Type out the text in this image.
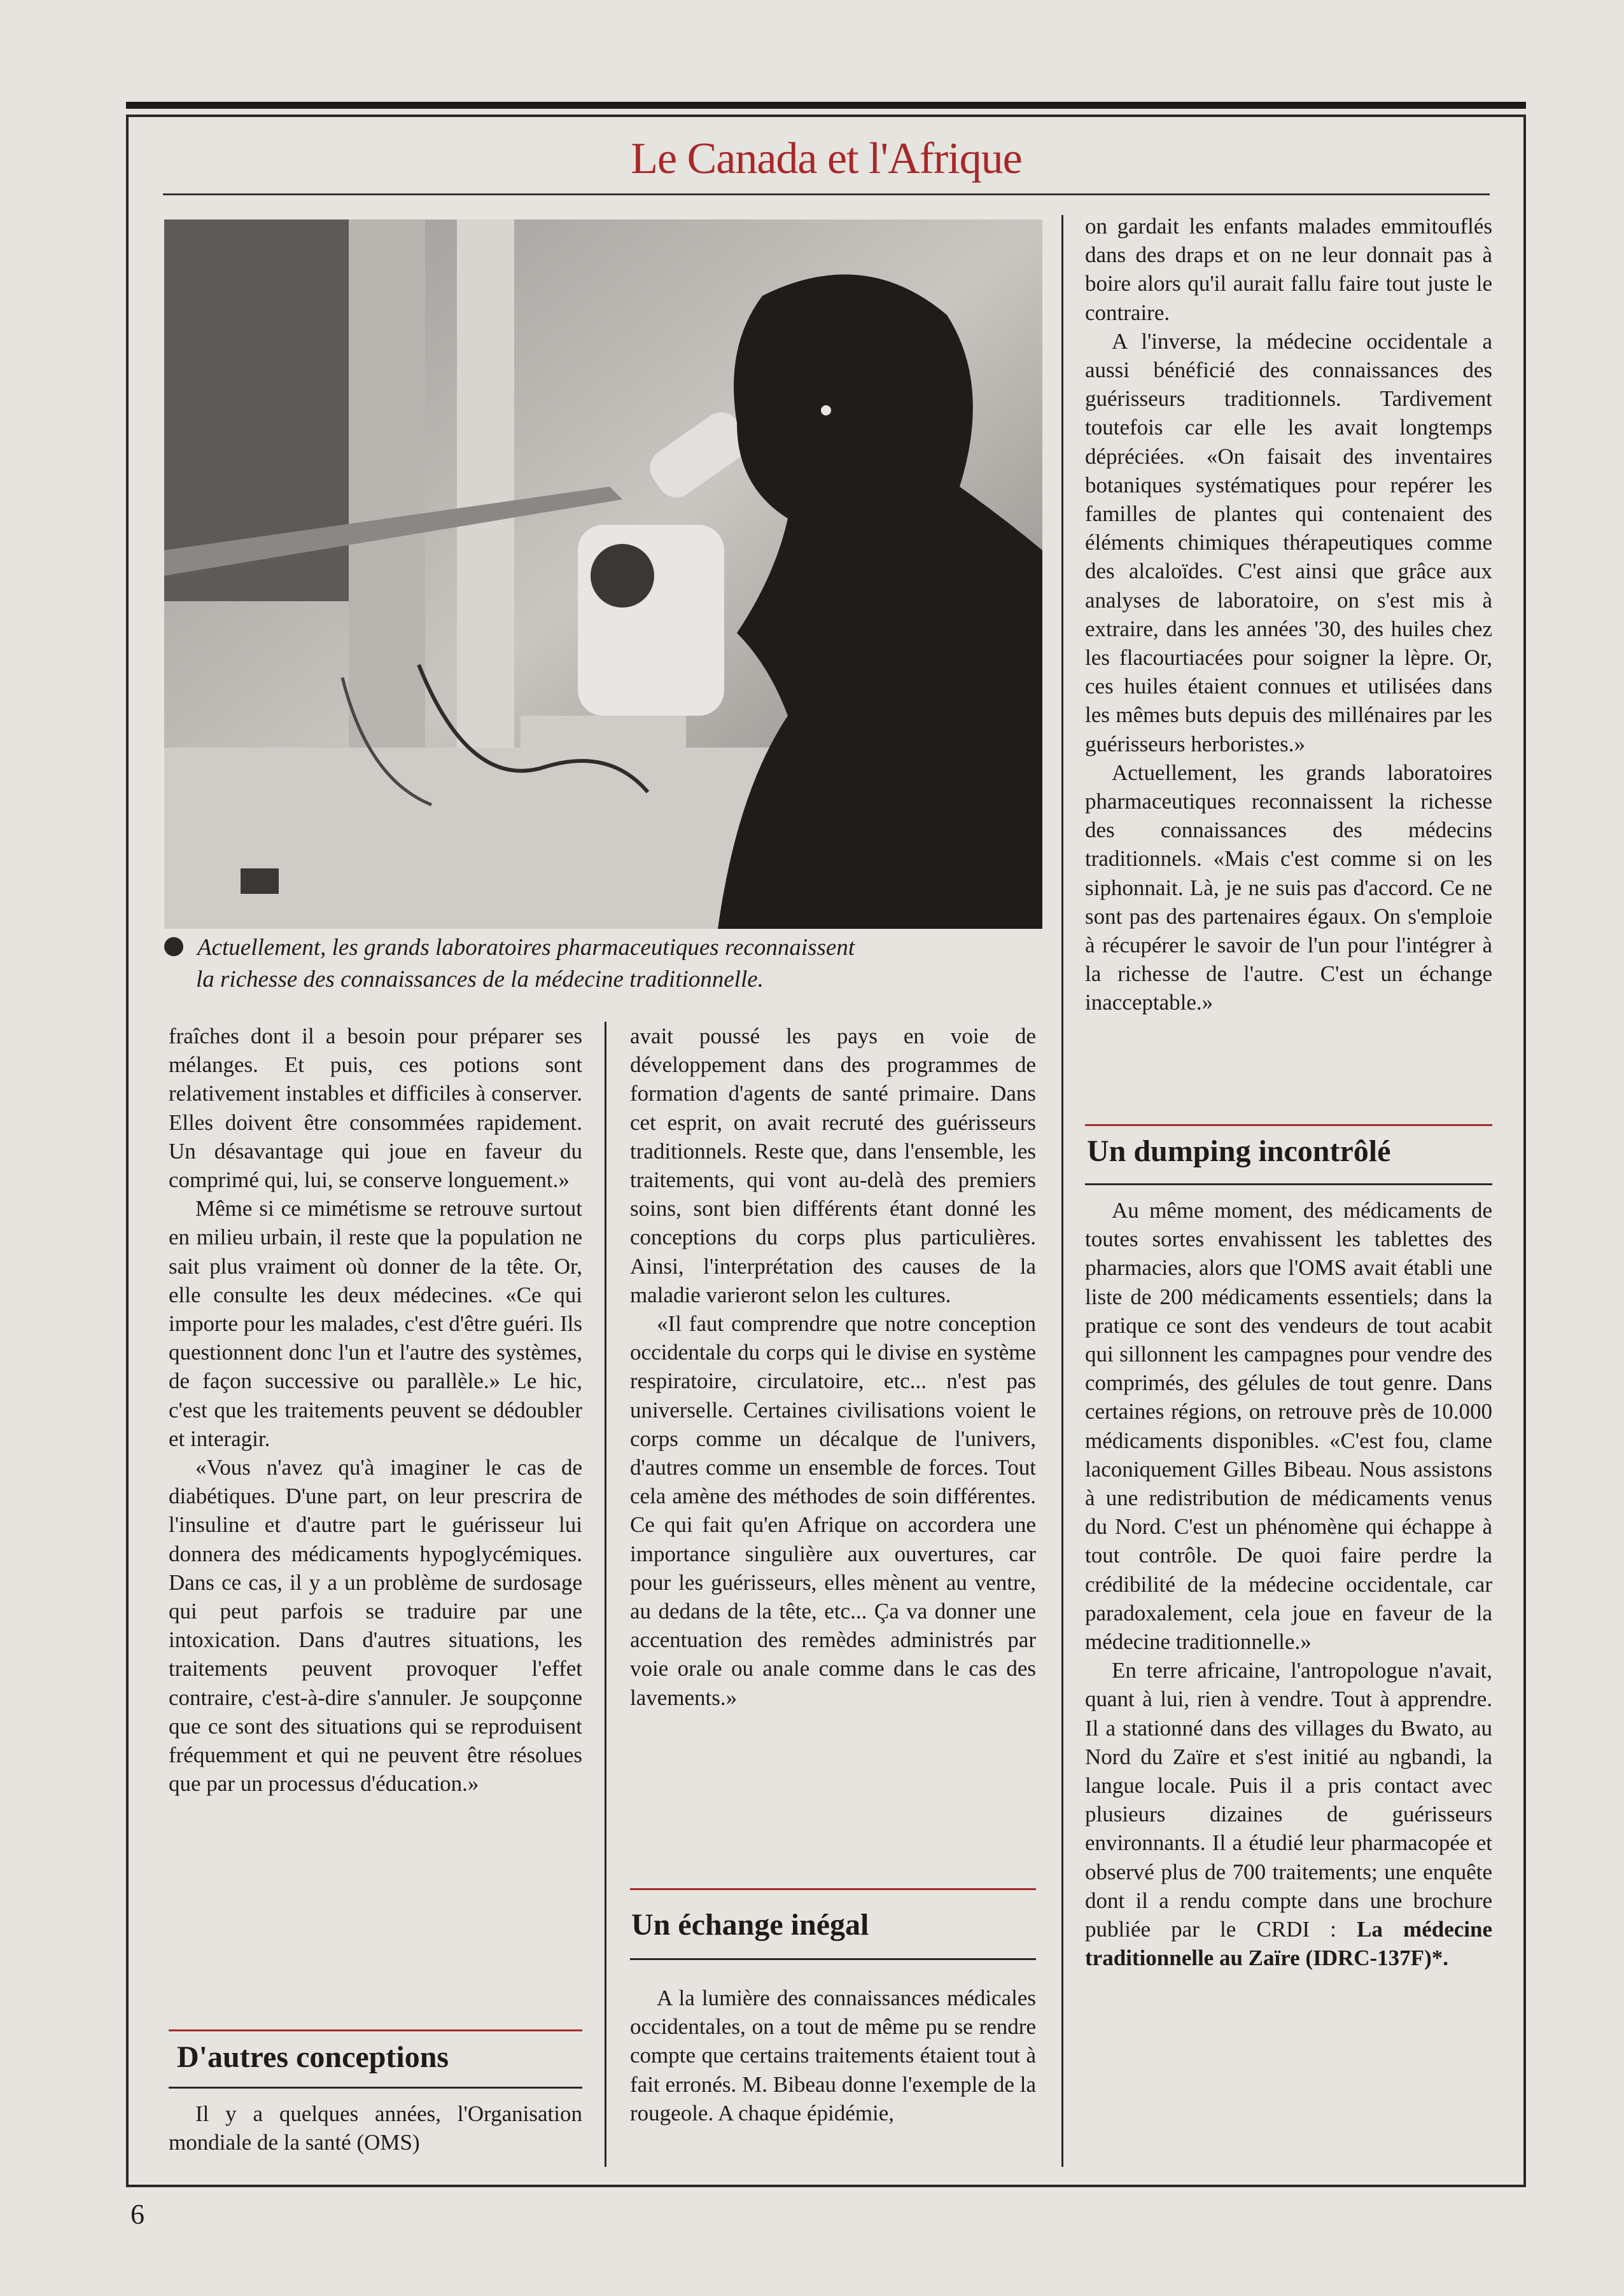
Le Canada et l'Afrique
Actuellement, les grands laboratoires pharmaceutiques reconnaissent
la richesse des connaissances de la médecine traditionnelle.

fraîches dont il a besoin pour préparer ses mélanges. Et puis, ces potions sont relativement instables et difficiles à conserver. Elles doivent être consommées rapidement. Un désavantage qui joue en faveur du comprimé qui, lui, se conserve longuement.»

Même si ce mimétisme se retrouve surtout en milieu urbain, il reste que la population ne sait plus vraiment où donner de la tête. Or, elle consulte les deux médecines. «Ce qui importe pour les malades, c'est d'être guéri. Ils questionnent donc l'un et l'autre des systèmes, de façon successive ou parallèle.» Le hic, c'est que les traitements peuvent se dédoubler et interagir.

«Vous n'avez qu'à imaginer le cas de diabétiques. D'une part, on leur prescrira de l'insuline et d'autre part le guérisseur lui donnera des médicaments hypoglycémiques. Dans ce cas, il y a un problème de surdosage qui peut parfois se traduire par une intoxication. Dans d'autres situations, les traitements peuvent provoquer l'effet contraire, c'est-à-dire s'annuler. Je soupçonne que ce sont des situations qui se reproduisent fréquemment et qui ne peuvent être résolues que par un processus d'éducation.»

D'autres conceptions

Il y a quelques années, l'Organisation mondiale de la santé (OMS)

avait poussé les pays en voie de développement dans des programmes de formation d'agents de santé primaire. Dans cet esprit, on avait recruté des guérisseurs traditionnels. Reste que, dans l'ensemble, les traitements, qui vont au-delà des premiers soins, sont bien différents étant donné les conceptions du corps plus particulières. Ainsi, l'interprétation des causes de la maladie varieront selon les cultures.

«Il faut comprendre que notre conception occidentale du corps qui le divise en système respiratoire, circulatoire, etc... n'est pas universelle. Certaines civilisations voient le corps comme un décalque de l'univers, d'autres comme un ensemble de forces. Tout cela amène des méthodes de soin différentes. Ce qui fait qu'en Afrique on accordera une importance singulière aux ouvertures, car pour les guérisseurs, elles mènent au ventre, au dedans de la tête, etc... Ça va donner une accentuation des remèdes administrés par voie orale ou anale comme dans le cas des lavements.»

Un échange inégal

A la lumière des connaissances médicales occidentales, on a tout de même pu se rendre compte que certains traitements étaient tout à fait erronés. M. Bibeau donne l'exemple de la rougeole. A chaque épidémie,

on gardait les enfants malades emmitouflés dans des draps et on ne leur donnait pas à boire alors qu'il aurait fallu faire tout juste le contraire.

A l'inverse, la médecine occidentale a aussi bénéficié des connaissances des guérisseurs traditionnels. Tardivement toutefois car elle les avait longtemps dépréciées. «On faisait des inventaires botaniques systématiques pour repérer les familles de plantes qui contenaient des éléments chimiques thérapeutiques comme des alcaloïdes. C'est ainsi que grâce aux analyses de laboratoire, on s'est mis à extraire, dans les années '30, des huiles chez les flacourtiacées pour soigner la lèpre. Or, ces huiles étaient connues et utilisées dans les mêmes buts depuis des millénaires par les guérisseurs herboristes.»

Actuellement, les grands laboratoires pharmaceutiques reconnaissent la richesse des connaissances des médecins traditionnels. «Mais c'est comme si on les siphonnait. Là, je ne suis pas d'accord. Ce ne sont pas des partenaires égaux. On s'emploie à récupérer le savoir de l'un pour l'intégrer à la richesse de l'autre. C'est un échange inacceptable.»

Un dumping incontrôlé

Au même moment, des médicaments de toutes sortes envahissent les tablettes des pharmacies, alors que l'OMS avait établi une liste de 200 médicaments essentiels; dans la pratique ce sont des vendeurs de tout acabit qui sillonnent les campagnes pour vendre des comprimés, des gélules de tout genre. Dans certaines régions, on retrouve près de 10.000 médicaments disponibles. «C'est fou, clame laconiquement Gilles Bibeau. Nous assistons à une redistribution de médicaments venus du Nord. C'est un phénomène qui échappe à tout contrôle. De quoi faire perdre la crédibilité de la médecine occidentale, car paradoxalement, cela joue en faveur de la médecine traditionnelle.»

En terre africaine, l'antropologue n'avait, quant à lui, rien à vendre. Tout à apprendre. Il a stationné dans des villages du Bwato, au Nord du Zaïre et s'est initié au ngbandi, la langue locale. Puis il a pris contact avec plusieurs dizaines de guérisseurs environnants. Il a étudié leur pharmacopée et observé plus de 700 traitements; une enquête dont il a rendu compte dans une brochure publiée par le CRDI : La médecine traditionnelle au Zaïre (IDRC-137F)*.

6
